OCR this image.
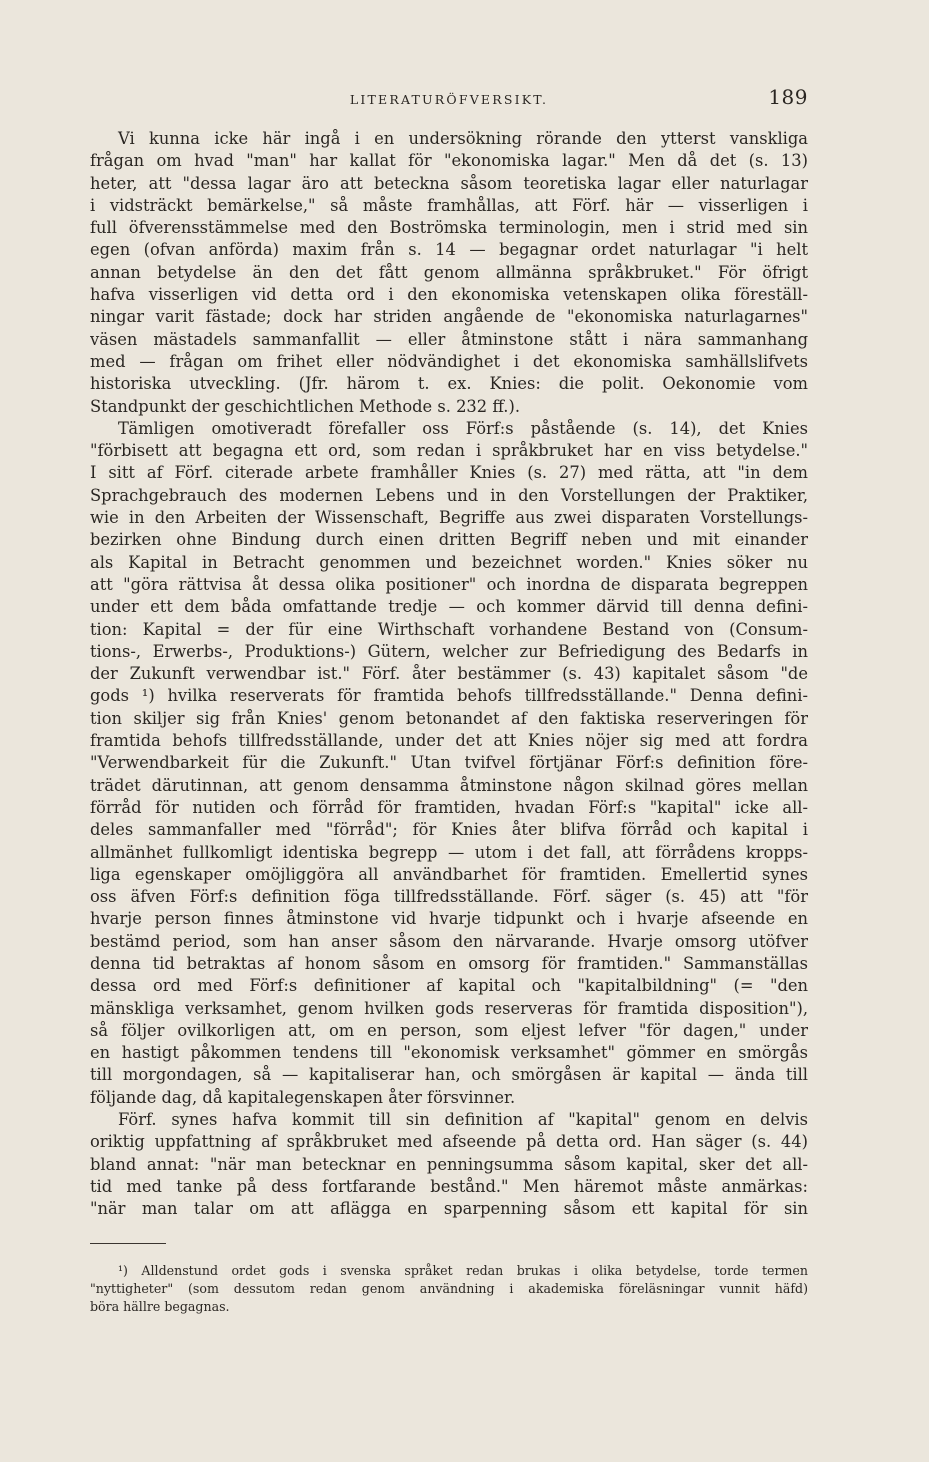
LITERATURÖFVERSIKT.	189
Vi kunna icke här ingå i en undersökning rörande den ytterst vanskliga
frågan om hvad "man" har kallat för "ekonomiska lagar." Men då det (s. 13)
heter, att "dessa lagar äro att beteckna såsom teoretiska lagar eller naturlagar
i vidsträckt bemärkelse," så måste framhållas, att Förf. här — visserligen i
full öfverensstämmelse med den Boströmska terminologin, men i strid med sin
egen (ofvan anförda) maxim från s. 14 — begagnar ordet naturlagar "i helt
annan betydelse än den det fått genom allmänna språkbruket." För öfrigt
hafva visserligen vid detta ord i den ekonomiska vetenskapen olika föreställ-
ningar varit fästade; dock har striden angående de "ekonomiska naturlagarnes"
väsen mästadels sammanfallit — eller åtminstone stått i nära sammanhang
med — frågan om frihet eller nödvändighet i det ekonomiska samhällslifvets
historiska utveckling. (Jfr. härom t. ex. Knies: die polit. Oekonomie vom
Standpunkt der geschichtlichen Methode s. 232 ff.).
Tämligen omotiveradt förefaller oss Förf:s påstående (s. 14), det Knies
"förbisett att begagna ett ord, som redan i språkbruket har en viss betydelse."
I sitt af Förf. citerade arbete framhåller Knies (s. 27) med rätta, att "in dem
Sprachgebrauch des modernen Lebens und in den Vorstellungen der Praktiker,
wie in den Arbeiten der Wissenschaft, Begriffe aus zwei disparaten Vorstellungs-
bezirken ohne Bindung durch einen dritten Begriff neben und mit einander
als Kapital in Betracht genommen und bezeichnet worden." Knies söker nu
att "göra rättvisa åt dessa olika positioner" och inordna de disparata begreppen
under ett dem båda omfattande tredje — och kommer därvid till denna defini-
tion: Kapital = der für eine Wirthschaft vorhandene Bestand von (Consum-
tions-, Erwerbs-, Produktions-) Gütern, welcher zur Befriedigung des Bedarfs in
der Zukunft verwendbar ist." Förf. åter bestämmer (s. 43) kapitalet såsom "de
gods ¹) hvilka reserverats för framtida behofs tillfredsställande." Denna defini-
tion skiljer sig från Knies' genom betonandet af den faktiska reserveringen för
framtida behofs tillfredsställande, under det att Knies nöjer sig med att fordra
"Verwendbarkeit für die Zukunft." Utan tvifvel förtjänar Förf:s definition före-
trädet därutinnan, att genom densamma åtminstone någon skilnad göres mellan
förråd för nutiden och förråd för framtiden, hvadan Förf:s "kapital" icke all-
deles sammanfaller med "förråd"; för Knies åter blifva förråd och kapital i
allmänhet fullkomligt identiska begrepp — utom i det fall, att förrådens kropps-
liga egenskaper omöjliggöra all användbarhet för framtiden. Emellertid synes
oss äfven Förf:s definition föga tillfredsställande. Förf. säger (s. 45) att "för
hvarje person finnes åtminstone vid hvarje tidpunkt och i hvarje afseende en
bestämd period, som han anser såsom den närvarande. Hvarje omsorg utöfver
denna tid betraktas af honom såsom en omsorg för framtiden." Sammanställas
dessa ord med Förf:s definitioner af kapital och "kapitalbildning" (= "den
mänskliga verksamhet, genom hvilken gods reserveras för framtida disposition"),
så följer ovilkorligen att, om en person, som eljest lefver "för dagen," under
en hastigt påkommen tendens till "ekonomisk verksamhet" gömmer en smörgås
till morgondagen, så — kapitaliserar han, och smörgåsen är kapital — ända till
följande dag, då kapitalegenskapen åter försvinner.
Förf. synes hafva kommit till sin definition af "kapital" genom en delvis
oriktig uppfattning af språkbruket med afseende på detta ord. Han säger (s. 44)
bland annat: "när man betecknar en penningsumma såsom kapital, sker det all-
tid med tanke på dess fortfarande bestånd." Men häremot måste anmärkas:
"när man talar om att aflägga en sparpenning såsom ett kapital för sin
¹) Alldenstund ordet gods i svenska språket redan brukas i olika betydelse, torde termen
"nyttigheter" (som dessutom redan genom användning i akademiska föreläsningar vunnit häfd)
böra hällre begagnas.
